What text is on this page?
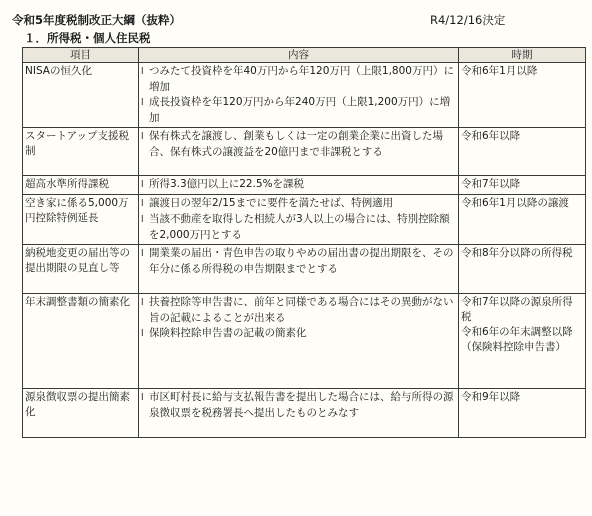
令和5年度税制改正大綱（抜粋）	R4/12/16決定
１．所得税・個人住民税
項目	内容	時期
NISAの恒久化	l つみたて投資枠を年40万円から年120万円（上限1,800万円）に増加
l 成長投資枠を年120万円から年240万円（上限1,200万円）に増加	令和6年1月以降

スタートアップ支援税制	l 保有株式を譲渡し、創業もしくは一定の創業企業に出資した場合、保有株式の譲渡益を20億円まで非課税とする	令和6年以降

超高水準所得課税	l 所得3.3億円以上に22.5%を課税	令和7年以降

空き家に係る5,000万円控除特例延長	l 譲渡日の翌年2/15までに要件を満たせば、特例適用
l 当該不動産を取得した相続人が3人以上の場合には、特別控除額を2,000万円とする	令和6年1月以降の譲渡

納税地変更の届出等の提出期限の見直し等	l 開業業の届出・青色申告の取りやめの届出書の提出期限を、その年分に係る所得税の申告期限までとする	令和8年分以降の所得税

年末調整書類の簡素化	l 扶養控除等申告書に、前年と同様である場合にはその異動がない旨の記載によることが出来る
l 保険料控除申告書の記載の簡素化	令和7年以降の源泉所得税
令和6年の年末調整以降（保険料控除申告書）

源泉徴収票の提出簡素化	l 市区町村長に給与支払報告書を提出した場合には、給与所得の源泉徴収票を税務署長へ提出したものとみなす	令和9年以降
